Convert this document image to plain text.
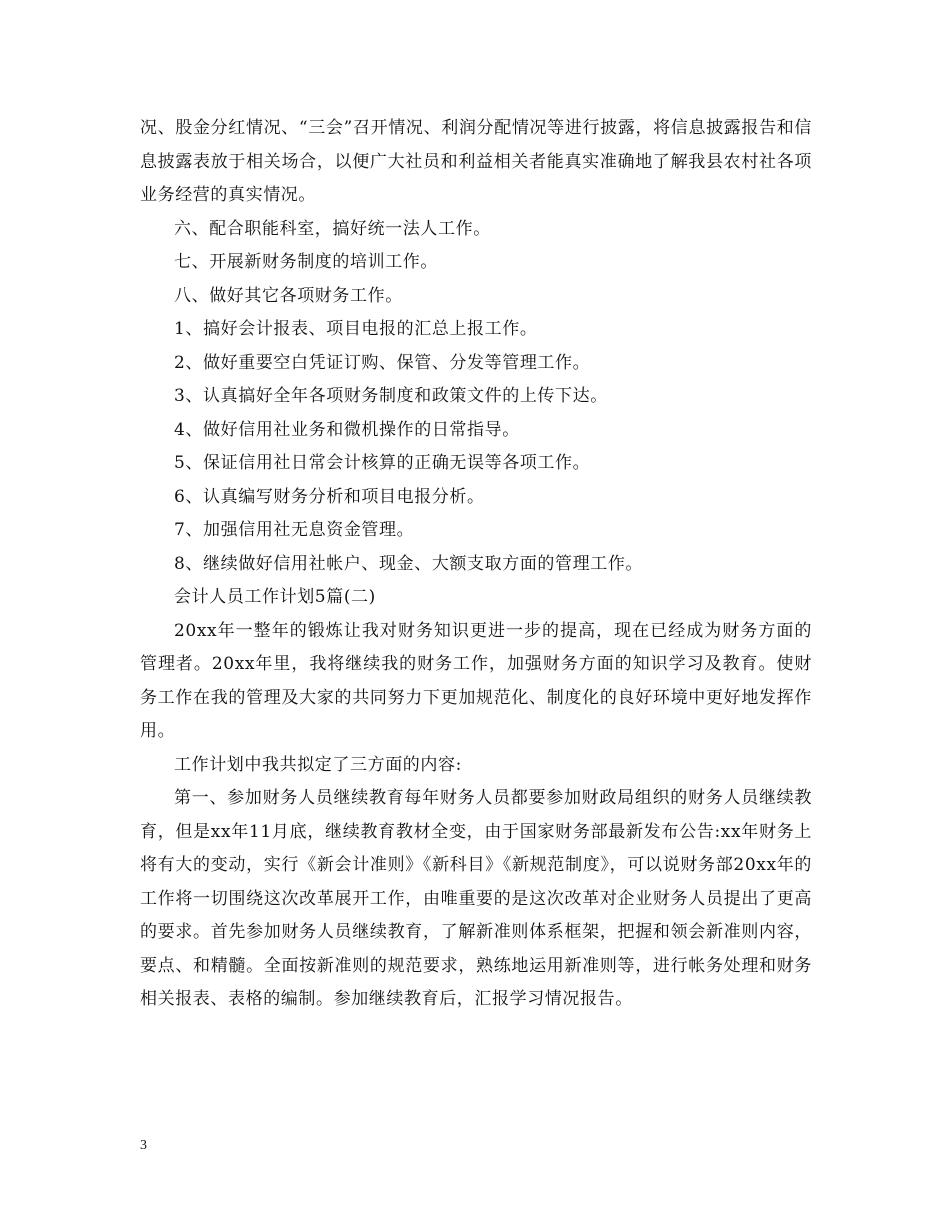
况、股金分红情况、“三会”召开情况、利润分配情况等进行披露，将信息披露报告和信息披露表放于相关场合，以便广大社员和利益相关者能真实准确地了解我县农村社各项业务经营的真实情况。

六、配合职能科室，搞好统一法人工作。

七、开展新财务制度的培训工作。

八、做好其它各项财务工作。

1、搞好会计报表、项目电报的汇总上报工作。

2、做好重要空白凭证订购、保管、分发等管理工作。

3、认真搞好全年各项财务制度和政策文件的上传下达。

4、做好信用社业务和微机操作的日常指导。

5、保证信用社日常会计核算的正确无误等各项工作。

6、认真编写财务分析和项目电报分析。

7、加强信用社无息资金管理。

8、继续做好信用社帐户、现金、大额支取方面的管理工作。

会计人员工作计划5篇(二)

20xx年一整年的锻炼让我对财务知识更进一步的提高，现在已经成为财务方面的管理者。20xx年里，我将继续我的财务工作，加强财务方面的知识学习及教育。使财务工作在我的管理及大家的共同努力下更加规范化、制度化的良好环境中更好地发挥作用。

工作计划中我共拟定了三方面的内容:

第一、参加财务人员继续教育每年财务人员都要参加财政局组织的财务人员继续教育，但是xx年11月底，继续教育教材全变，由于国家财务部最新发布公告:xx年财务上将有大的变动，实行《新会计准则》《新科目》《新规范制度》，可以说财务部20xx年的工作将一切围绕这次改革展开工作，由唯重要的是这次改革对企业财务人员提出了更高的要求。首先参加财务人员继续教育，了解新准则体系框架，把握和领会新准则内容，要点、和精髓。全面按新准则的规范要求，熟练地运用新准则等，进行帐务处理和财务相关报表、表格的编制。参加继续教育后，汇报学习情况报告。

3
